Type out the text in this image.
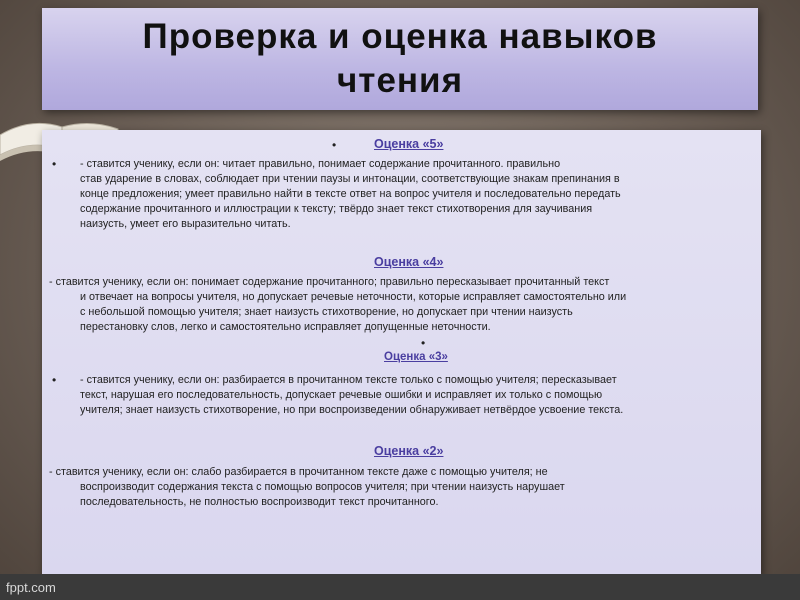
Проверка и оценка навыков чтения
•	Оценка «5»
• - ставится ученику, если он: читает правильно, понимает содержание прочитанного. правильно
став ударение в словах, соблюдает при чтении паузы и интонации, соответствующие знакам препинания в
конце предложения; умеет правильно найти в тексте ответ на вопрос учителя и последовательно передать
содержание прочитанного и иллюстрации к тексту; твёрдо знает текст стихотворения для заучивания
наизусть, умеет его выразительно читать.
Оценка «4»
- ставится ученику, если он: понимает содержание прочитанного; правильно пересказывает прочитанный текст
и отвечает на вопросы учителя, но допускает речевые неточности, которые исправляет самостоятельно или
с небольшой помощью учителя; знает наизусть стихотворение, но допускает при чтении наизусть
перестановку слов, легко и самостоятельно исправляет допущенные неточности.
•
Оценка «3»
• - ставится ученику, если он: разбирается в прочитанном тексте только с помощью учителя; пересказывает
текст, нарушая его последовательность, допускает речевые ошибки и исправляет их только с помощью
учителя; знает наизусть стихотворение, но при воспроизведении обнаруживает нетвёрдое усвоение текста.
Оценка «2»
- ставится ученику, если он: слабо разбирается в прочитанном тексте даже с помощью учителя; не
воспроизводит содержания текста с помощью вопросов учителя; при чтении наизусть нарушает
последовательность, не полностью воспроизводит текст прочитанного.
fppt.com
